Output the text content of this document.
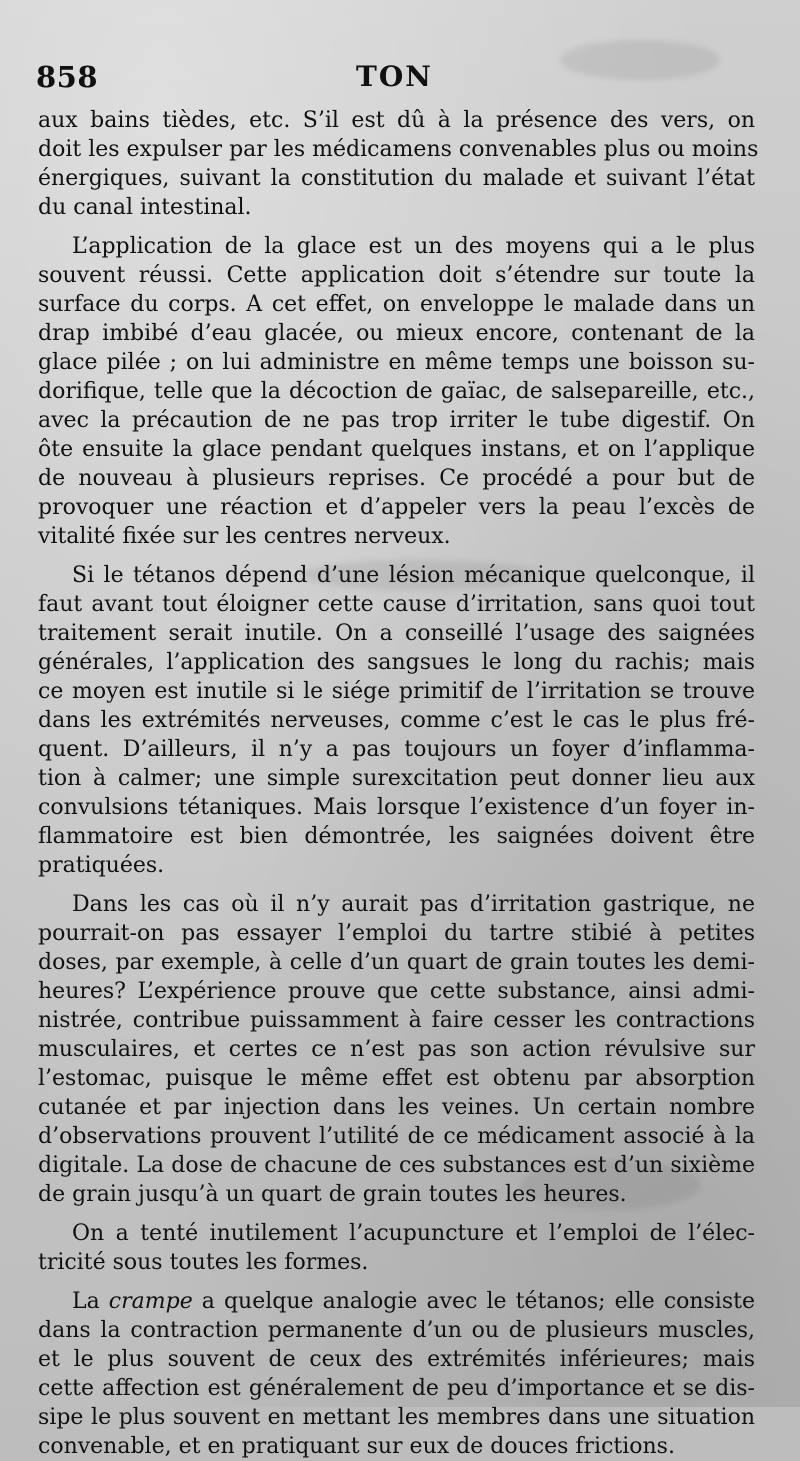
858	TON
aux bains tièdes, etc. S’il est dû à la présence des vers, on
doit les expulser par les médicamens convenables plus ou moins
énergiques, suivant la constitution du malade et suivant l’état
du canal intestinal.
L’application de la glace est un des moyens qui a le plus
souvent réussi. Cette application doit s’étendre sur toute la
surface du corps. A cet effet, on enveloppe le malade dans un
drap imbibé d’eau glacée, ou mieux encore, contenant de la
glace pilée ; on lui administre en même temps une boisson su-
dorifique, telle que la décoction de gaïac, de salsepareille, etc.,
avec la précaution de ne pas trop irriter le tube digestif. On
ôte ensuite la glace pendant quelques instans, et on l’applique
de nouveau à plusieurs reprises. Ce procédé a pour but de
provoquer une réaction et d’appeler vers la peau l’excès de
vitalité fixée sur les centres nerveux.
Si le tétanos dépend d’une lésion mécanique quelconque, il
faut avant tout éloigner cette cause d’irritation, sans quoi tout
traitement serait inutile. On a conseillé l’usage des saignées
générales, l’application des sangsues le long du rachis; mais
ce moyen est inutile si le siége primitif de l’irritation se trouve
dans les extrémités nerveuses, comme c’est le cas le plus fré-
quent. D’ailleurs, il n’y a pas toujours un foyer d’inflamma-
tion à calmer; une simple surexcitation peut donner lieu aux
convulsions tétaniques. Mais lorsque l’existence d’un foyer in-
flammatoire est bien démontrée, les saignées doivent être
pratiquées.
Dans les cas où il n’y aurait pas d’irritation gastrique, ne
pourrait-on pas essayer l’emploi du tartre stibié à petites
doses, par exemple, à celle d’un quart de grain toutes les demi-
heures? L’expérience prouve que cette substance, ainsi admi-
nistrée, contribue puissamment à faire cesser les contractions
musculaires, et certes ce n’est pas son action révulsive sur
l’estomac, puisque le même effet est obtenu par absorption
cutanée et par injection dans les veines. Un certain nombre
d’observations prouvent l’utilité de ce médicament associé à la
digitale. La dose de chacune de ces substances est d’un sixième
de grain jusqu’à un quart de grain toutes les heures.
On a tenté inutilement l’acupuncture et l’emploi de l’élec-
tricité sous toutes les formes.
La crampe a quelque analogie avec le tétanos; elle consiste
dans la contraction permanente d’un ou de plusieurs muscles,
et le plus souvent de ceux des extrémités inférieures; mais
cette affection est généralement de peu d’importance et se dis-
sipe le plus souvent en mettant les membres dans une situation
convenable, et en pratiquant sur eux de douces frictions.
